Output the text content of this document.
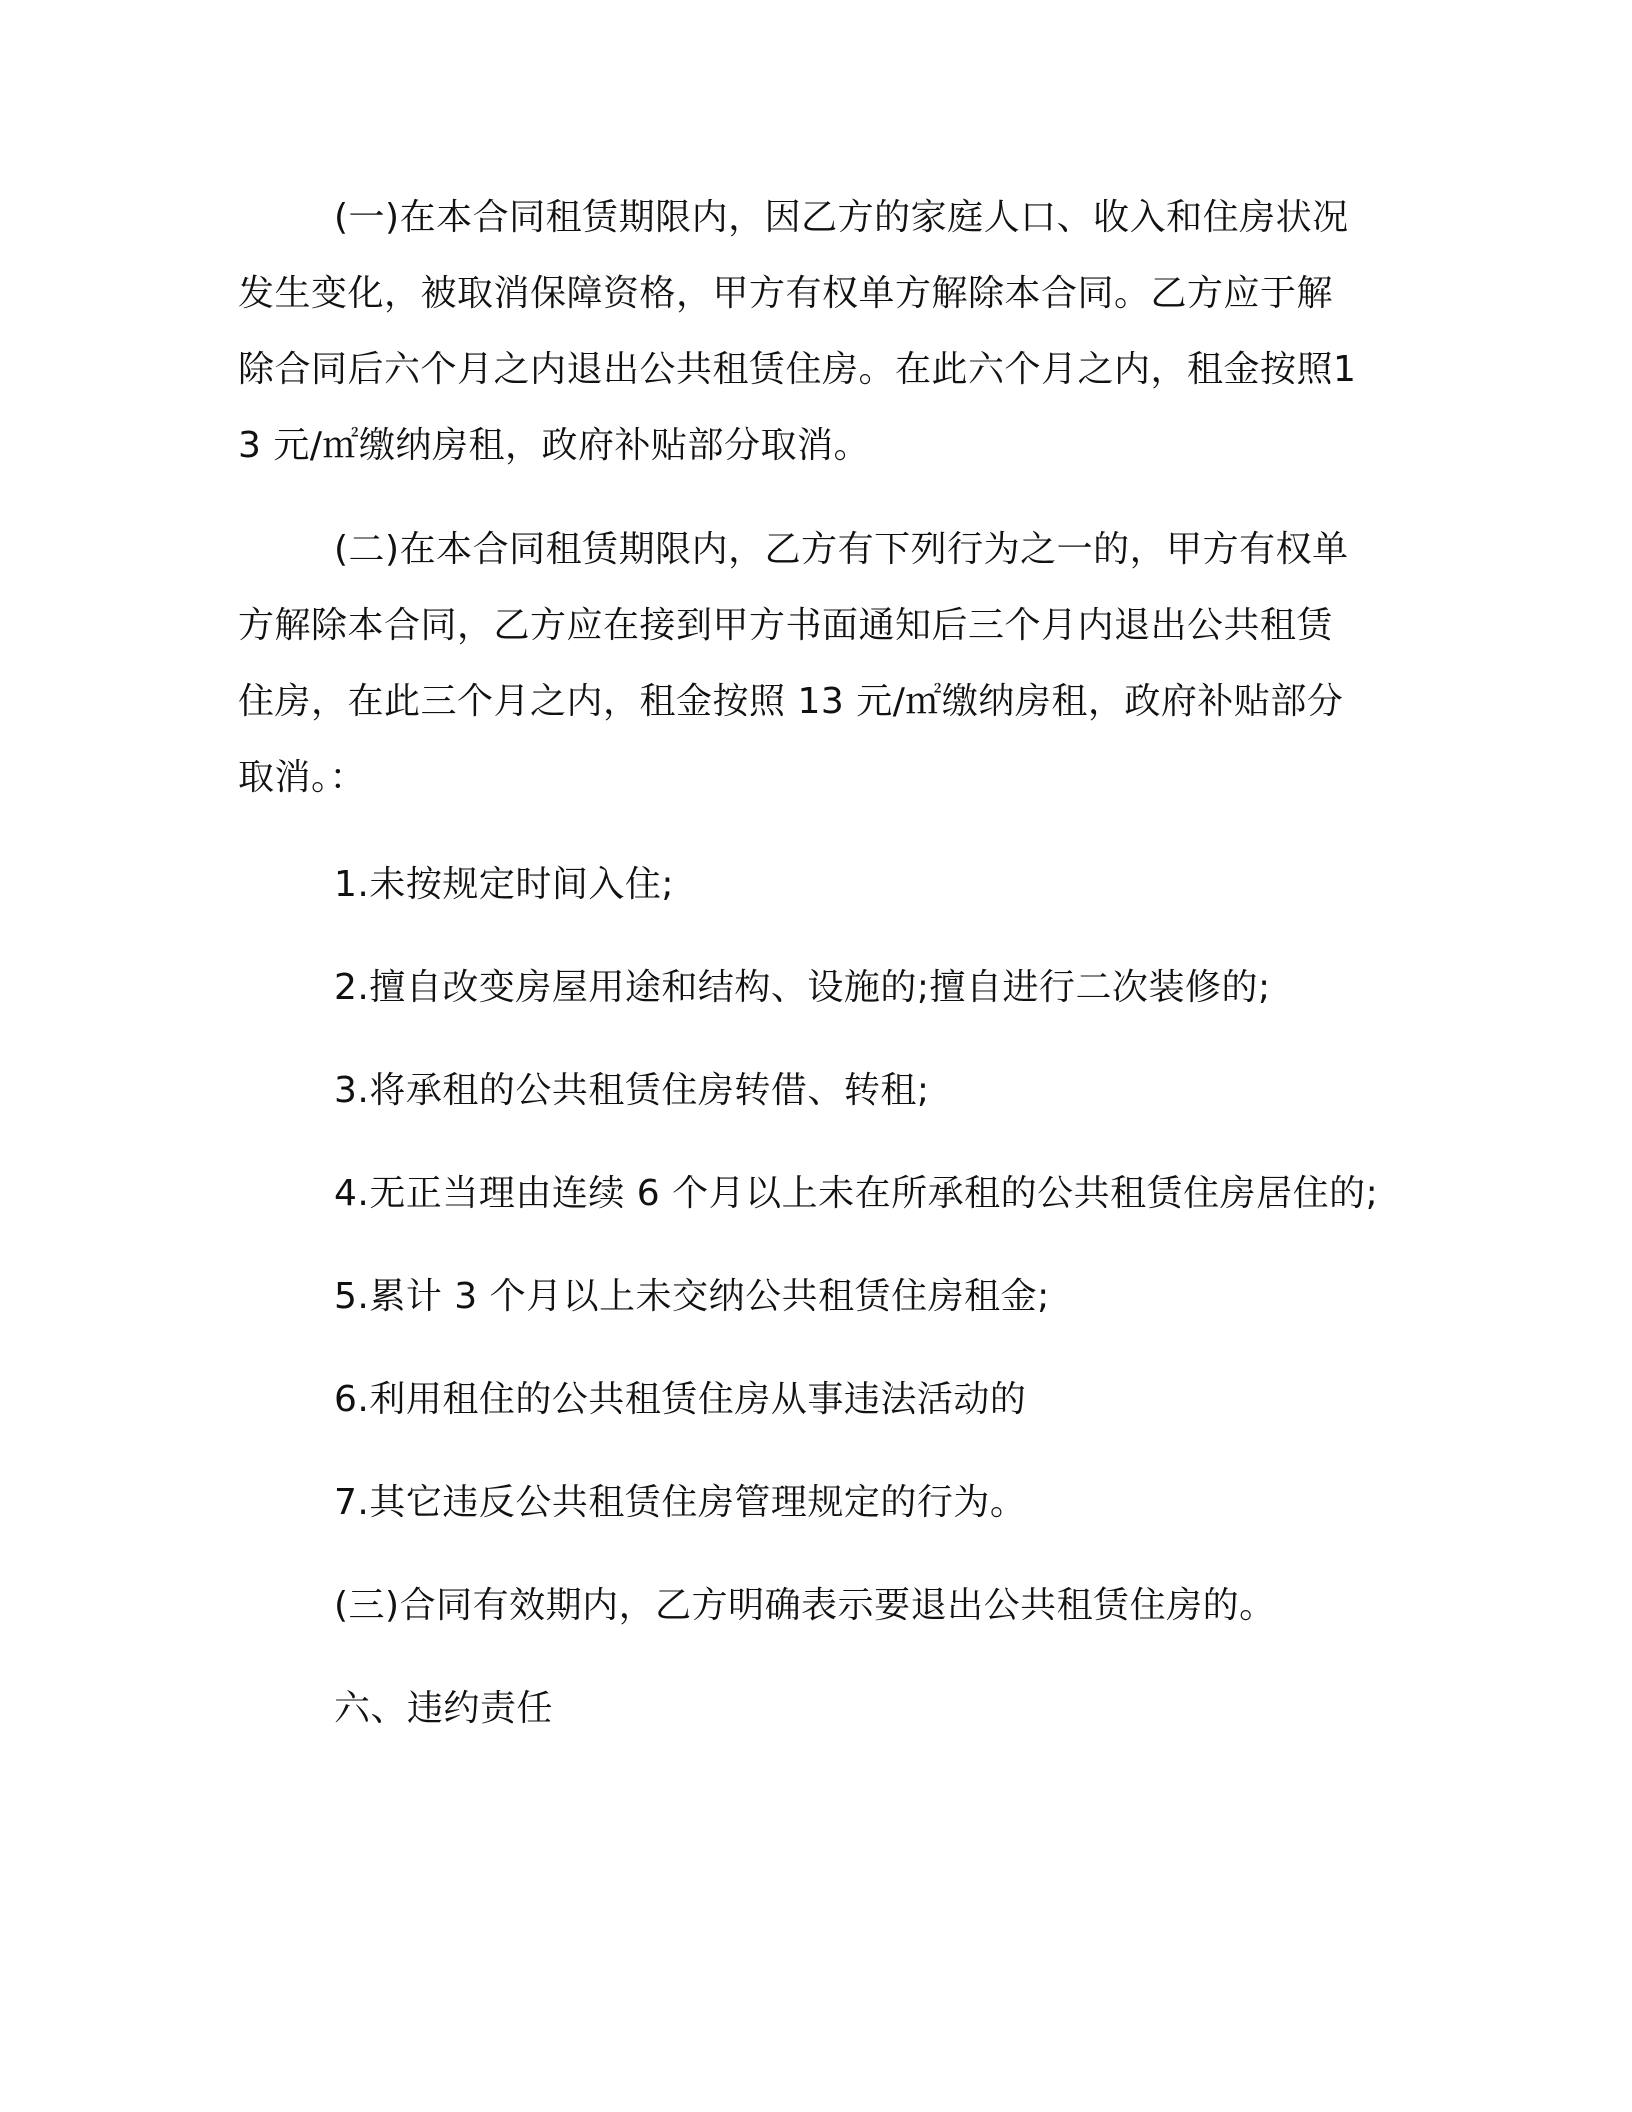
(一)在本合同租赁期限内，因乙方的家庭人口、收入和住房状况发生变化，被取消保障资格，甲方有权单方解除本合同。乙方应于解除合同后六个月之内退出公共租赁住房。在此六个月之内，租金按照13 元/㎡缴纳房租，政府补贴部分取消。

(二)在本合同租赁期限内，乙方有下列行为之一的，甲方有权单方解除本合同，乙方应在接到甲方书面通知后三个月内退出公共租赁住房，在此三个月之内，租金按照 13 元/㎡缴纳房租，政府补贴部分取消。：

1.未按规定时间入住;

2.擅自改变房屋用途和结构、设施的;擅自进行二次装修的;

3.将承租的公共租赁住房转借、转租;

4.无正当理由连续 6 个月以上未在所承租的公共租赁住房居住的;

5.累计 3 个月以上未交纳公共租赁住房租金;

6.利用租住的公共租赁住房从事违法活动的

7.其它违反公共租赁住房管理规定的行为。

(三)合同有效期内，乙方明确表示要退出公共租赁住房的。

六、违约责任
